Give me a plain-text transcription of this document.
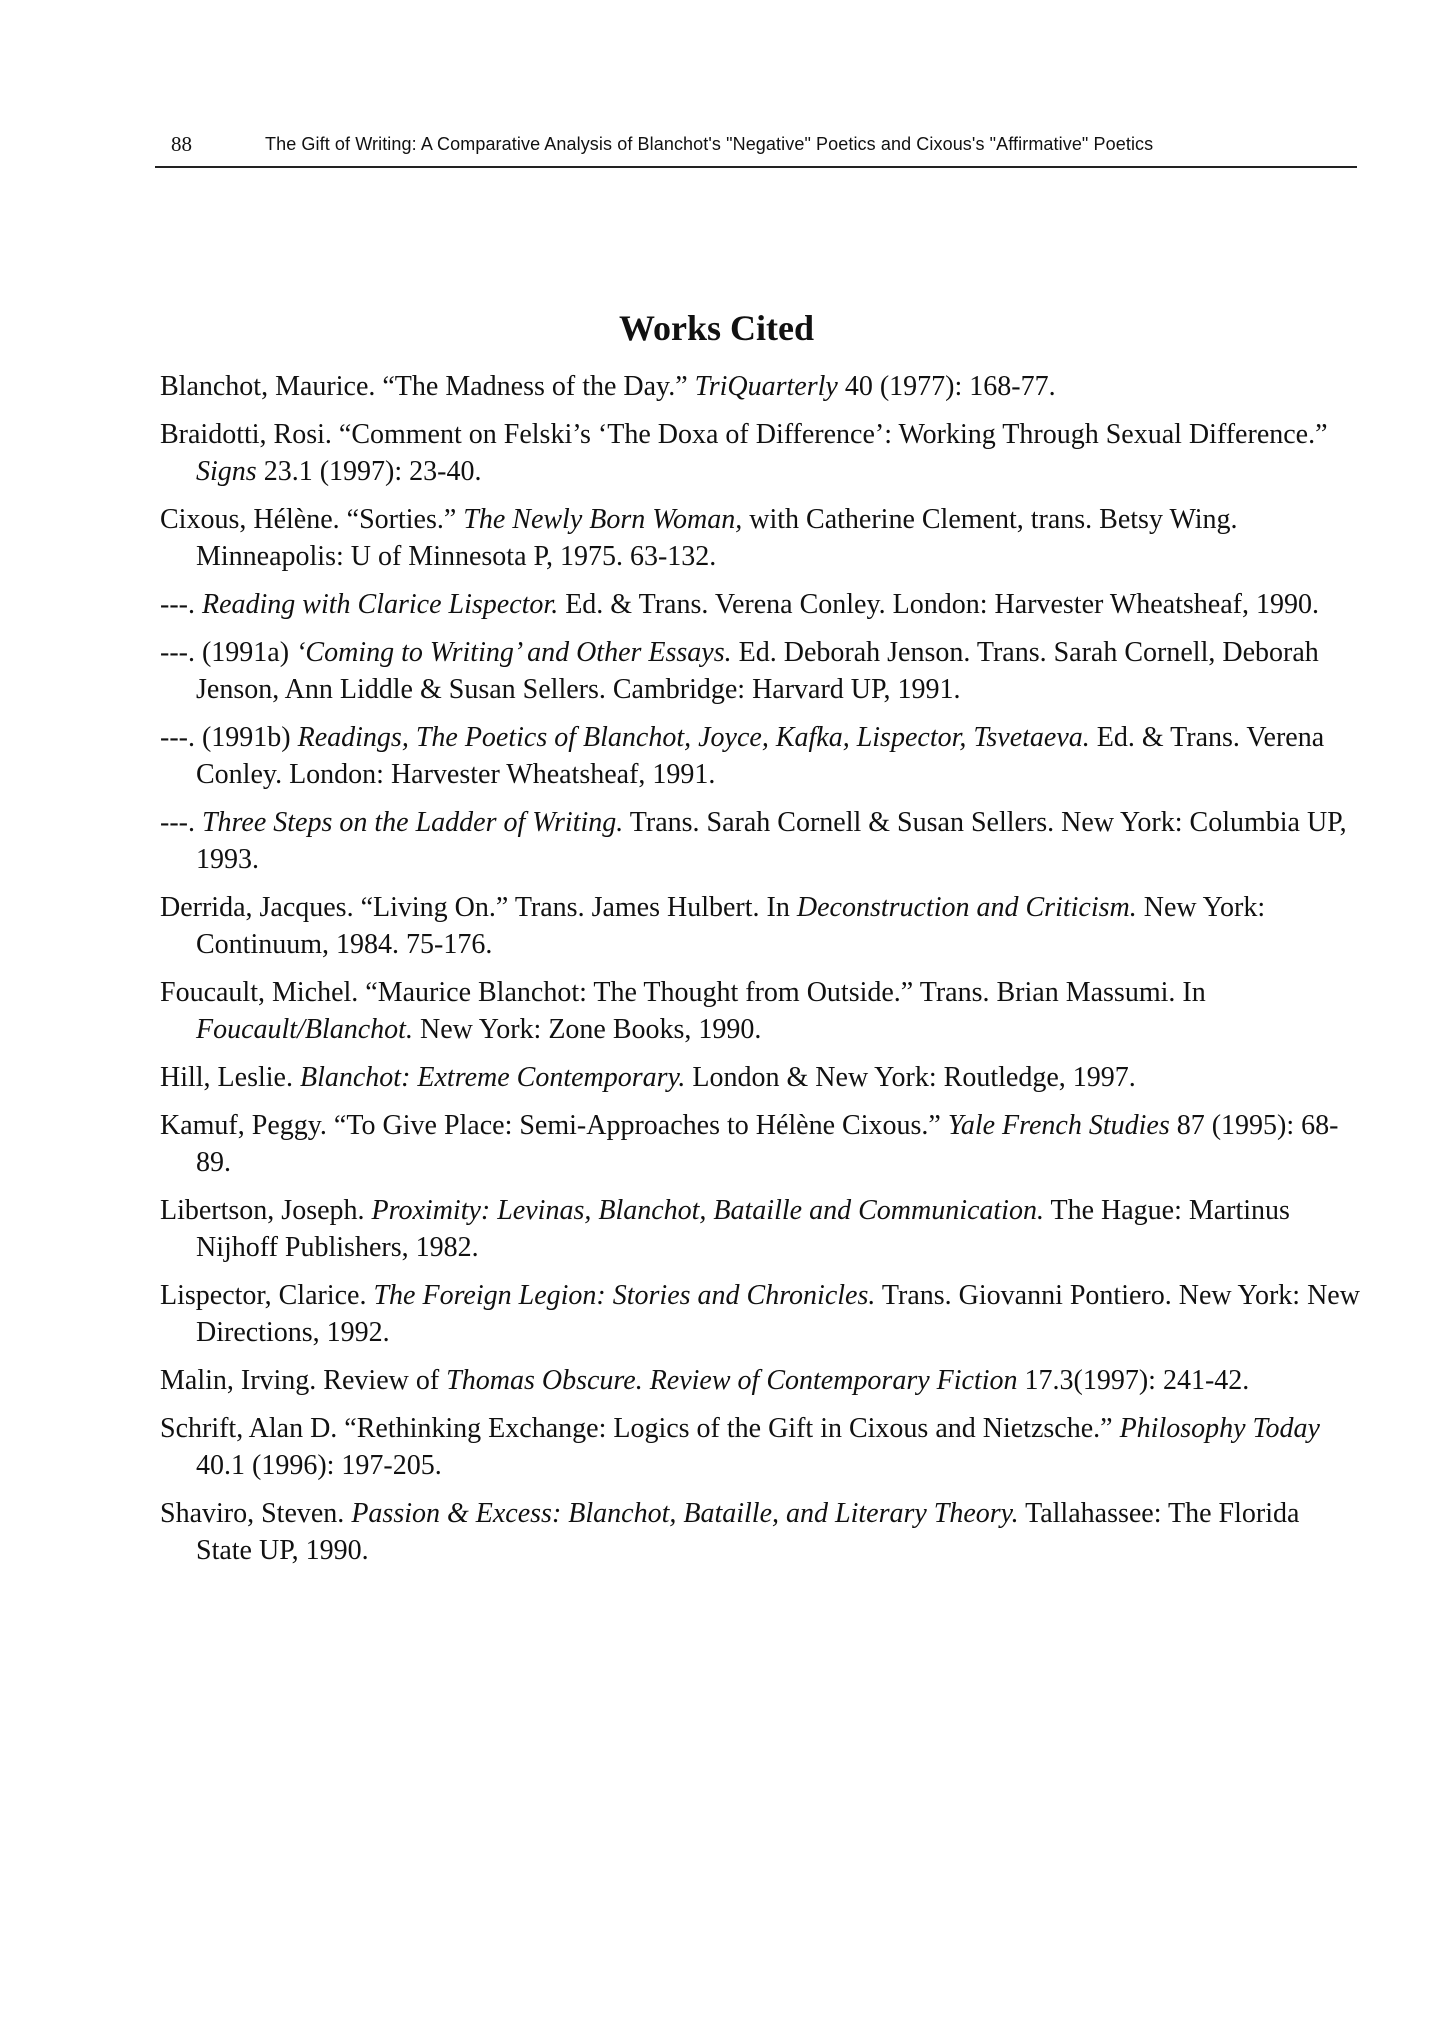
88	The Gift of Writing: A Comparative Analysis of Blanchot's "Negative" Poetics and Cixous's "Affirmative" Poetics
Works Cited
Blanchot, Maurice. “The Madness of the Day.” TriQuarterly 40 (1977): 168-77.
Braidotti, Rosi. “Comment on Felski’s ‘The Doxa of Difference’: Working Through Sexual Difference.” Signs 23.1 (1997): 23-40.
Cixous, Hélène. “Sorties.” The Newly Born Woman, with Catherine Clement, trans. Betsy Wing. Minneapolis: U of Minnesota P, 1975. 63-132.
---. Reading with Clarice Lispector. Ed. & Trans. Verena Conley. London: Harvester Wheatsheaf, 1990.
---. (1991a) ‘Coming to Writing’ and Other Essays. Ed. Deborah Jenson. Trans. Sarah Cornell, Deborah Jenson, Ann Liddle & Susan Sellers. Cambridge: Harvard UP, 1991.
---. (1991b) Readings, The Poetics of Blanchot, Joyce, Kafka, Lispector, Tsvetaeva. Ed. & Trans. Verena Conley. London: Harvester Wheatsheaf, 1991.
---. Three Steps on the Ladder of Writing. Trans. Sarah Cornell & Susan Sellers. New York: Columbia UP, 1993.
Derrida, Jacques. “Living On.” Trans. James Hulbert. In Deconstruction and Criticism. New York: Continuum, 1984. 75-176.
Foucault, Michel. “Maurice Blanchot: The Thought from Outside.” Trans. Brian Massumi. In Foucault/Blanchot. New York: Zone Books, 1990.
Hill, Leslie. Blanchot: Extreme Contemporary. London & New York: Routledge, 1997.
Kamuf, Peggy. “To Give Place: Semi-Approaches to Hélène Cixous.” Yale French Studies 87 (1995): 68-89.
Libertson, Joseph. Proximity: Levinas, Blanchot, Bataille and Communication. The Hague: Martinus Nijhoff Publishers, 1982.
Lispector, Clarice. The Foreign Legion: Stories and Chronicles. Trans. Giovanni Pontiero. New York: New Directions, 1992.
Malin, Irving. Review of Thomas Obscure. Review of Contemporary Fiction 17.3(1997): 241-42.
Schrift, Alan D. “Rethinking Exchange: Logics of the Gift in Cixous and Nietzsche.” Philosophy Today 40.1 (1996): 197-205.
Shaviro, Steven. Passion & Excess: Blanchot, Bataille, and Literary Theory. Tallahassee: The Florida State UP, 1990.
